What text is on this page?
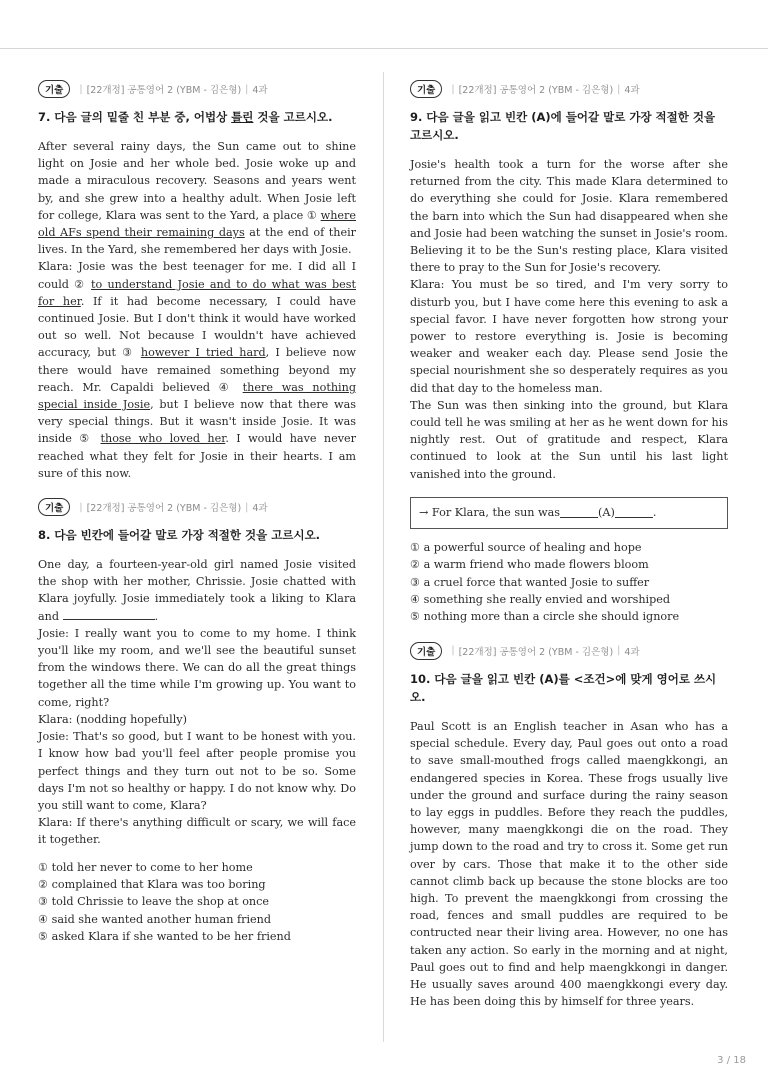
기출	| [22개정] 공통영어 2 (YBM - 김은형) | 4과
7. 다음 글의 밑줄 친 부분 중, 어법상 틀린 것을 고르시오.

After several rainy days, the Sun came out to shine light on Josie and her whole bed. Josie woke up and made a miraculous recovery. Seasons and years went by, and she grew into a healthy adult. When Josie left for college, Klara was sent to the Yard, a place ① where old AFs spend their remaining days at the end of their lives. In the Yard, she remembered her days with Josie.

Klara: Josie was the best teenager for me. I did all I could ② to understand Josie and to do what was best for her. If it had become necessary, I could have continued Josie. But I don't think it would have worked out so well. Not because I wouldn't have achieved accuracy, but ③ however I tried hard, I believe now there would have remained something beyond my reach. Mr. Capaldi believed ④ there was nothing special inside Josie, but I believe now that there was very special things. But it wasn't inside Josie. It was inside ⑤ those who loved her. I would have never reached what they felt for Josie in their hearts. I am sure of this now.

기출	| [22개정] 공통영어 2 (YBM - 김은형) | 4과
8. 다음 빈칸에 들어갈 말로 가장 적절한 것을 고르시오.

One day, a fourteen-year-old girl named Josie visited the shop with her mother, Chrissie. Josie chatted with Klara joyfully. Josie immediately took a liking to Klara and	.

Josie: I really want you to come to my home. I think you'll like my room, and we'll see the beautiful sunset from the windows there. We can do all the great things together all the time while I'm growing up. You want to come, right?

Klara: (nodding hopefully)

Josie: That's so good, but I want to be honest with you. I know how bad you'll feel after people promise you perfect things and they turn out not to be so. Some days I'm not so healthy or happy. I do not know why. Do you still want to come, Klara?

Klara: If there's anything difficult or scary, we will face it together.

① told her never to come to her home
② complained that Klara was too boring
③ told Chrissie to leave the shop at once
④ said she wanted another human friend
⑤ asked Klara if she wanted to be her friend
기출	| [22개정] 공통영어 2 (YBM - 김은형) | 4과
9. 다음 글을 읽고 빈칸 (A)에 들어갈 말로 가장 적절한 것을 고르시오.

Josie's health took a turn for the worse after she returned from the city. This made Klara determined to do everything she could for Josie. Klara remembered the barn into which the Sun had disappeared when she and Josie had been watching the sunset in Josie's room. Believing it to be the Sun's resting place, Klara visited there to pray to the Sun for Josie's recovery.

Klara: You must be so tired, and I'm very sorry to disturb you, but I have come here this evening to ask a special favor. I have never forgotten how strong your power to restore everything is. Josie is becoming weaker and weaker each day. Please send Josie the special nourishment she so desperately requires as you did that day to the homeless man.

The Sun was then sinking into the ground, but Klara could tell he was smiling at her as he went down for his nightly rest. Out of gratitude and respect, Klara continued to look at the Sun until his last light vanished into the ground.

→ For Klara, the sun was	(A)	.
① a powerful source of healing and hope
② a warm friend who made flowers bloom
③ a cruel force that wanted Josie to suffer
④ something she really envied and worshiped
⑤ nothing more than a circle she should ignore
기출	| [22개정] 공통영어 2 (YBM - 김은형) | 4과
10. 다음 글을 읽고 빈칸 (A)를 <조건>에 맞게 영어로 쓰시오.

Paul Scott is an English teacher in Asan who has a special schedule. Every day, Paul goes out onto a road to save small-mouthed frogs called maengkkongi, an endangered species in Korea. These frogs usually live under the ground and surface during the rainy season to lay eggs in puddles. Before they reach the puddles, however, many maengkkongi die on the road. They jump down to the road and try to cross it. Some get run over by cars. Those that make it to the other side cannot climb back up because the stone blocks are too high. To prevent the maengkkongi from crossing the road, fences and small puddles are required to be contructed near their living area. However, no one has taken any action. So early in the morning and at night, Paul goes out to find and help maengkkongi in danger. He usually saves around 400 maengkkongi every day. He has been doing this by himself for three years.

3 / 18
